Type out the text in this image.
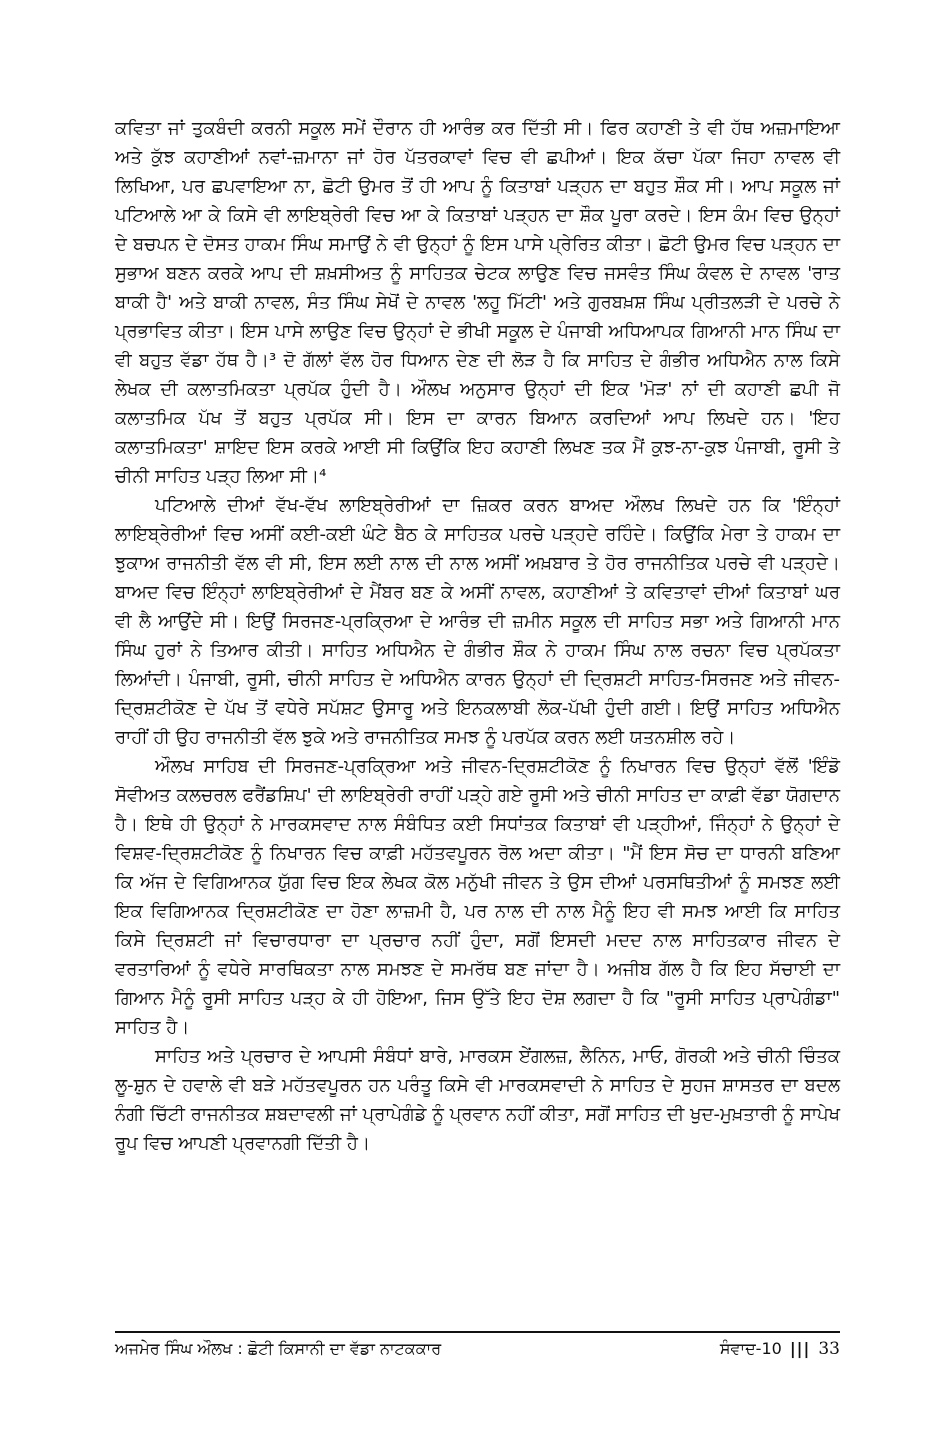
ਕਵਿਤਾ ਜਾਂ ਤੁਕਬੰਦੀ ਕਰਨੀ ਸਕੂਲ ਸਮੇਂ ਦੌਰਾਨ ਹੀ ਆਰੰਭ ਕਰ ਦਿੱਤੀ ਸੀ। ਫਿਰ ਕਹਾਣੀ ਤੇ ਵੀ ਹੱਥ ਅਜ਼ਮਾਇਆ ਅਤੇ ਕੁੱਝ ਕਹਾਣੀਆਂ ਨਵਾਂ-ਜ਼ਮਾਨਾ ਜਾਂ ਹੋਰ ਪੱਤਰਕਾਵਾਂ ਵਿਚ ਵੀ ਛਪੀਆਂ। ਇਕ ਕੱਚਾ ਪੱਕਾ ਜਿਹਾ ਨਾਵਲ ਵੀ ਲਿਖਿਆ, ਪਰ ਛਪਵਾਇਆ ਨਾ, ਛੋਟੀ ਉਮਰ ਤੋਂ ਹੀ ਆਪ ਨੂੰ ਕਿਤਾਬਾਂ ਪੜ੍ਹਨ ਦਾ ਬਹੁਤ ਸ਼ੌਕ ਸੀ। ਆਪ ਸਕੂਲ ਜਾਂ ਪਟਿਆਲੇ ਆ ਕੇ ਕਿਸੇ ਵੀ ਲਾਇਬ੍ਰੇਰੀ ਵਿਚ ਆ ਕੇ ਕਿਤਾਬਾਂ ਪੜ੍ਹਨ ਦਾ ਸ਼ੌਕ ਪੂਰਾ ਕਰਦੇ। ਇਸ ਕੰਮ ਵਿਚ ਉਨ੍ਹਾਂ ਦੇ ਬਚਪਨ ਦੇ ਦੋਸਤ ਹਾਕਮ ਸਿੰਘ ਸਮਾਉਂ ਨੇ ਵੀ ਉਨ੍ਹਾਂ ਨੂੰ ਇਸ ਪਾਸੇ ਪ੍ਰੇਰਿਤ ਕੀਤਾ। ਛੋਟੀ ਉਮਰ ਵਿਚ ਪੜ੍ਹਨ ਦਾ ਸੁਭਾਅ ਬਣਨ ਕਰਕੇ ਆਪ ਦੀ ਸ਼ਖ਼ਸੀਅਤ ਨੂੰ ਸਾਹਿਤਕ ਚੇਟਕ ਲਾਉਣ ਵਿਚ ਜਸਵੰਤ ਸਿੰਘ ਕੰਵਲ ਦੇ ਨਾਵਲ 'ਰਾਤ ਬਾਕੀ ਹੈ' ਅਤੇ ਬਾਕੀ ਨਾਵਲ, ਸੰਤ ਸਿੰਘ ਸੇਖੋਂ ਦੇ ਨਾਵਲ 'ਲਹੂ ਮਿੱਟੀ' ਅਤੇ ਗੁਰਬਖ਼ਸ਼ ਸਿੰਘ ਪ੍ਰੀਤਲੜੀ ਦੇ ਪਰਚੇ ਨੇ ਪ੍ਰਭਾਵਿਤ ਕੀਤਾ। ਇਸ ਪਾਸੇ ਲਾਉਣ ਵਿਚ ਉਨ੍ਹਾਂ ਦੇ ਭੀਖੀ ਸਕੂਲ ਦੇ ਪੰਜਾਬੀ ਅਧਿਆਪਕ ਗਿਆਨੀ ਮਾਨ ਸਿੰਘ ਦਾ ਵੀ ਬਹੁਤ ਵੱਡਾ ਹੱਥ ਹੈ।³ ਦੋ ਗੱਲਾਂ ਵੱਲ ਹੋਰ ਧਿਆਨ ਦੇਣ ਦੀ ਲੋੜ ਹੈ ਕਿ ਸਾਹਿਤ ਦੇ ਗੰਭੀਰ ਅਧਿਐਨ ਨਾਲ ਕਿਸੇ ਲੇਖਕ ਦੀ ਕਲਾਤਮਿਕਤਾ ਪ੍ਰਪੱਕ ਹੁੰਦੀ ਹੈ। ਔਲਖ ਅਨੁਸਾਰ ਉਨ੍ਹਾਂ ਦੀ ਇਕ 'ਮੋੜ' ਨਾਂ ਦੀ ਕਹਾਣੀ ਛਪੀ ਜੋ ਕਲਾਤਮਿਕ ਪੱਖ ਤੋਂ ਬਹੁਤ ਪ੍ਰਪੱਕ ਸੀ। ਇਸ ਦਾ ਕਾਰਨ ਬਿਆਨ ਕਰਦਿਆਂ ਆਪ ਲਿਖਦੇ ਹਨ। 'ਇਹ ਕਲਾਤਮਿਕਤਾ' ਸ਼ਾਇਦ ਇਸ ਕਰਕੇ ਆਈ ਸੀ ਕਿਉਂਕਿ ਇਹ ਕਹਾਣੀ ਲਿਖਣ ਤਕ ਮੈਂ ਕੁਝ-ਨਾ-ਕੁਝ ਪੰਜਾਬੀ, ਰੂਸੀ ਤੇ ਚੀਨੀ ਸਾਹਿਤ ਪੜ੍ਹ ਲਿਆ ਸੀ।⁴

ਪਟਿਆਲੇ ਦੀਆਂ ਵੱਖ-ਵੱਖ ਲਾਇਬ੍ਰੇਰੀਆਂ ਦਾ ਜ਼ਿਕਰ ਕਰਨ ਬਾਅਦ ਔਲਖ ਲਿਖਦੇ ਹਨ ਕਿ 'ਇੰਨ੍ਹਾਂ ਲਾਇਬ੍ਰੇਰੀਆਂ ਵਿਚ ਅਸੀਂ ਕਈ-ਕਈ ਘੰਟੇ ਬੈਠ ਕੇ ਸਾਹਿਤਕ ਪਰਚੇ ਪੜ੍ਹਦੇ ਰਹਿੰਦੇ। ਕਿਉਂਕਿ ਮੇਰਾ ਤੇ ਹਾਕਮ ਦਾ ਝੁਕਾਅ ਰਾਜਨੀਤੀ ਵੱਲ ਵੀ ਸੀ, ਇਸ ਲਈ ਨਾਲ ਦੀ ਨਾਲ ਅਸੀਂ ਅਖ਼ਬਾਰ ਤੇ ਹੋਰ ਰਾਜਨੀਤਿਕ ਪਰਚੇ ਵੀ ਪੜ੍ਹਦੇ। ਬਾਅਦ ਵਿਚ ਇੰਨ੍ਹਾਂ ਲਾਇਬ੍ਰੇਰੀਆਂ ਦੇ ਮੈਂਬਰ ਬਣ ਕੇ ਅਸੀਂ ਨਾਵਲ, ਕਹਾਣੀਆਂ ਤੇ ਕਵਿਤਾਵਾਂ ਦੀਆਂ ਕਿਤਾਬਾਂ ਘਰ ਵੀ ਲੈ ਆਉਂਦੇ ਸੀ। ਇਉਂ ਸਿਰਜਣ-ਪ੍ਰਕ੍ਰਿਆ ਦੇ ਆਰੰਭ ਦੀ ਜ਼ਮੀਨ ਸਕੂਲ ਦੀ ਸਾਹਿਤ ਸਭਾ ਅਤੇ ਗਿਆਨੀ ਮਾਨ ਸਿੰਘ ਹੁਰਾਂ ਨੇ ਤਿਆਰ ਕੀਤੀ। ਸਾਹਿਤ ਅਧਿਐਨ ਦੇ ਗੰਭੀਰ ਸ਼ੌਕ ਨੇ ਹਾਕਮ ਸਿੰਘ ਨਾਲ ਰਚਨਾ ਵਿਚ ਪ੍ਰਪੱਕਤਾ ਲਿਆਂਦੀ। ਪੰਜਾਬੀ, ਰੂਸੀ, ਚੀਨੀ ਸਾਹਿਤ ਦੇ ਅਧਿਐਨ ਕਾਰਨ ਉਨ੍ਹਾਂ ਦੀ ਦ੍ਰਿਸ਼ਟੀ ਸਾਹਿਤ-ਸਿਰਜਣ ਅਤੇ ਜੀਵਨ-ਦ੍ਰਿਸ਼ਟੀਕੋਣ ਦੇ ਪੱਖ ਤੋਂ ਵਧੇਰੇ ਸਪੱਸ਼ਟ ਉਸਾਰੂ ਅਤੇ ਇਨਕਲਾਬੀ ਲੋਕ-ਪੱਖੀ ਹੁੰਦੀ ਗਈ। ਇਉਂ ਸਾਹਿਤ ਅਧਿਐਨ ਰਾਹੀਂ ਹੀ ਉਹ ਰਾਜਨੀਤੀ ਵੱਲ ਝੁਕੇ ਅਤੇ ਰਾਜਨੀਤਿਕ ਸਮਝ ਨੂੰ ਪਰਪੱਕ ਕਰਨ ਲਈ ਯਤਨਸ਼ੀਲ ਰਹੇ।

ਔਲਖ ਸਾਹਿਬ ਦੀ ਸਿਰਜਣ-ਪ੍ਰਕ੍ਰਿਆ ਅਤੇ ਜੀਵਨ-ਦ੍ਰਿਸ਼ਟੀਕੋਣ ਨੂੰ ਨਿਖਾਰਨ ਵਿਚ ਉਨ੍ਹਾਂ ਵੱਲੋਂ 'ਇੰਡੋ ਸੋਵੀਅਤ ਕਲਚਰਲ ਫਰੈਂਡਸ਼ਿਪ' ਦੀ ਲਾਇਬ੍ਰੇਰੀ ਰਾਹੀਂ ਪੜ੍ਹੇ ਗਏ ਰੂਸੀ ਅਤੇ ਚੀਨੀ ਸਾਹਿਤ ਦਾ ਕਾਫ਼ੀ ਵੱਡਾ ਯੋਗਦਾਨ ਹੈ। ਇਥੇ ਹੀ ਉਨ੍ਹਾਂ ਨੇ ਮਾਰਕਸਵਾਦ ਨਾਲ ਸੰਬੰਧਿਤ ਕਈ ਸਿਧਾਂਤਕ ਕਿਤਾਬਾਂ ਵੀ ਪੜ੍ਹੀਆਂ, ਜਿੰਨ੍ਹਾਂ ਨੇ ਉਨ੍ਹਾਂ ਦੇ ਵਿਸ਼ਵ-ਦ੍ਰਿਸ਼ਟੀਕੋਣ ਨੂੰ ਨਿਖਾਰਨ ਵਿਚ ਕਾਫ਼ੀ ਮਹੱਤਵਪੂਰਨ ਰੋਲ ਅਦਾ ਕੀਤਾ। "ਮੈਂ ਇਸ ਸੋਚ ਦਾ ਧਾਰਨੀ ਬਣਿਆ ਕਿ ਅੱਜ ਦੇ ਵਿਗਿਆਨਕ ਯੁੱਗ ਵਿਚ ਇਕ ਲੇਖਕ ਕੋਲ ਮਨੁੱਖੀ ਜੀਵਨ ਤੇ ਉਸ ਦੀਆਂ ਪਰਸਥਿਤੀਆਂ ਨੂੰ ਸਮਝਣ ਲਈ ਇਕ ਵਿਗਿਆਨਕ ਦ੍ਰਿਸ਼ਟੀਕੋਣ ਦਾ ਹੋਣਾ ਲਾਜ਼ਮੀ ਹੈ, ਪਰ ਨਾਲ ਦੀ ਨਾਲ ਮੈਨੂੰ ਇਹ ਵੀ ਸਮਝ ਆਈ ਕਿ ਸਾਹਿਤ ਕਿਸੇ ਦ੍ਰਿਸ਼ਟੀ ਜਾਂ ਵਿਚਾਰਧਾਰਾ ਦਾ ਪ੍ਰਚਾਰ ਨਹੀਂ ਹੁੰਦਾ, ਸਗੋਂ ਇਸਦੀ ਮਦਦ ਨਾਲ ਸਾਹਿਤਕਾਰ ਜੀਵਨ ਦੇ ਵਰਤਾਰਿਆਂ ਨੂੰ ਵਧੇਰੇ ਸਾਰਥਿਕਤਾ ਨਾਲ ਸਮਝਣ ਦੇ ਸਮਰੱਥ ਬਣ ਜਾਂਦਾ ਹੈ। ਅਜੀਬ ਗੱਲ ਹੈ ਕਿ ਇਹ ਸੱਚਾਈ ਦਾ ਗਿਆਨ ਮੈਨੂੰ ਰੂਸੀ ਸਾਹਿਤ ਪੜ੍ਹ ਕੇ ਹੀ ਹੋਇਆ, ਜਿਸ ਉੱਤੇ ਇਹ ਦੋਸ਼ ਲਗਦਾ ਹੈ ਕਿ "ਰੂਸੀ ਸਾਹਿਤ ਪ੍ਰਾਪੇਗੰਡਾ" ਸਾਹਿਤ ਹੈ।

ਸਾਹਿਤ ਅਤੇ ਪ੍ਰਚਾਰ ਦੇ ਆਪਸੀ ਸੰਬੰਧਾਂ ਬਾਰੇ, ਮਾਰਕਸ ਏਂਗਲਜ਼, ਲੈਨਿਨ, ਮਾਓ, ਗੋਰਕੀ ਅਤੇ ਚੀਨੀ ਚਿੰਤਕ ਲੂ-ਸ਼ੁਨ ਦੇ ਹਵਾਲੇ ਵੀ ਬੜੇ ਮਹੱਤਵਪੂਰਨ ਹਨ ਪਰੰਤੂ ਕਿਸੇ ਵੀ ਮਾਰਕਸਵਾਦੀ ਨੇ ਸਾਹਿਤ ਦੇ ਸੁਹਜ ਸ਼ਾਸਤਰ ਦਾ ਬਦਲ ਨੰਗੀ ਚਿੱਟੀ ਰਾਜਨੀਤਕ ਸ਼ਬਦਾਵਲੀ ਜਾਂ ਪ੍ਰਾਪੇਗੰਡੇ ਨੂੰ ਪ੍ਰਵਾਨ ਨਹੀਂ ਕੀਤਾ, ਸਗੋਂ ਸਾਹਿਤ ਦੀ ਖੁਦ-ਮੁਖ਼ਤਾਰੀ ਨੂੰ ਸਾਪੇਖ ਰੂਪ ਵਿਚ ਆਪਣੀ ਪ੍ਰਵਾਨਗੀ ਦਿੱਤੀ ਹੈ।

ਅਜਮੇਰ ਸਿੰਘ ਔਲਖ : ਛੋਟੀ ਕਿਸਾਨੀ ਦਾ ਵੱਡਾ ਨਾਟਕਕਾਰ	ਸੰਵਾਦ-10 ||| 33
